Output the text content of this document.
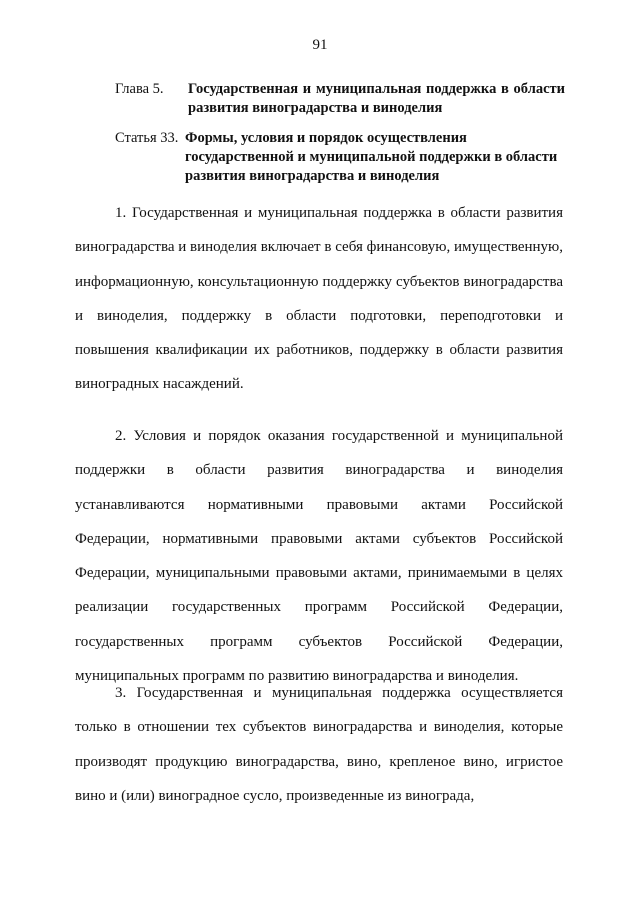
91
Глава 5. Государственная и муниципальная поддержка в области развития виноградарства и виноделия
Статья 33. Формы, условия и порядок осуществления государственной и муниципальной поддержки в области развития виноградарства и виноделия

1. Государственная и муниципальная поддержка в области развития виноградарства и виноделия включает в себя финансовую, имущественную, информационную, консультационную поддержку субъектов виноградарства и виноделия, поддержку в области подготовки, переподготовки и повышения квалификации их работников, поддержку в области развития виноградных насаждений.

2. Условия и порядок оказания государственной и муниципальной поддержки в области развития виноградарства и виноделия устанавливаются нормативными правовыми актами Российской Федерации, нормативными правовыми актами субъектов Российской Федерации, муниципальными правовыми актами, принимаемыми в целях реализации государственных программ Российской Федерации, государственных программ субъектов Российской Федерации, муниципальных программ по развитию виноградарства и виноделия.

3. Государственная и муниципальная поддержка осуществляется только в отношении тех субъектов виноградарства и виноделия, которые производят продукцию виноградарства, вино, крепленое вино, игристое вино и (или) виноградное сусло, произведенные из винограда,
